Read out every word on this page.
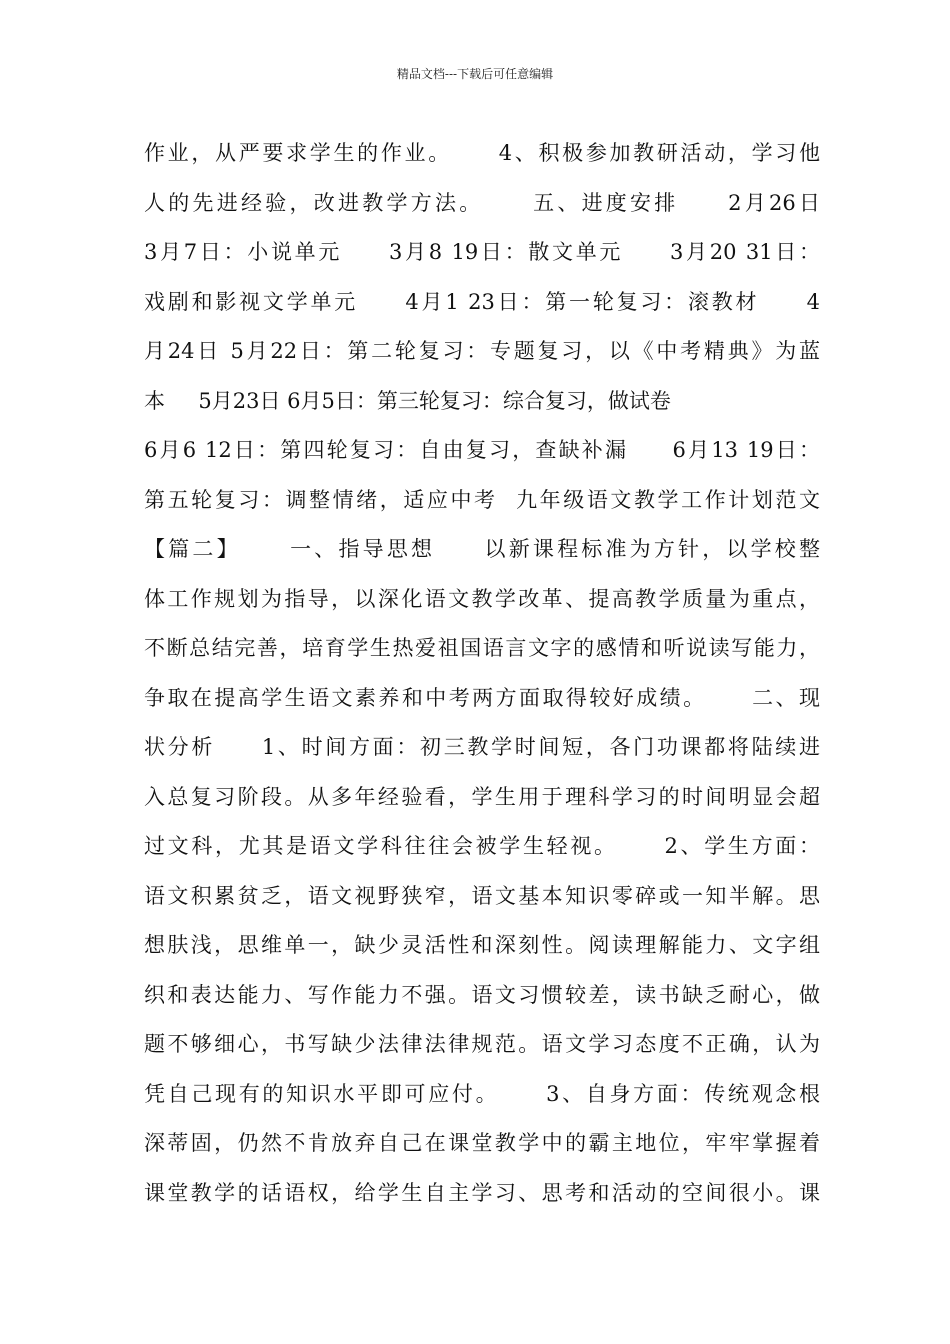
精品文档---下载后可任意编辑
作业，从严要求学生的作业。     4、积极参加教研活动，学习他
人的先进经验，改进教学方法。     五、进度安排     2月26日
3月7日：小说单元     3月8 19日：散文单元     3月20 31日：
戏剧和影视文学单元     4月1 23日：第一轮复习：滚教材     4
月24日 5月22日：第二轮复习：专题复习，以《中考精典》为蓝
本     5月23日 6月5日：第三轮复习：综合复习，做试卷
6月6 12日：第四轮复习：自由复习，查缺补漏     6月13 19日：
第五轮复习：调整情绪，适应中考  九年级语文教学工作计划范文
【篇二】     一、指导思想     以新课程标准为方针，以学校整
体工作规划为指导，以深化语文教学改革、提高教学质量为重点，
不断总结完善，培育学生热爱祖国语言文字的感情和听说读写能力，
争取在提高学生语文素养和中考两方面取得较好成绩。     二、现
状分析     1、时间方面：初三教学时间短，各门功课都将陆续进
入总复习阶段。从多年经验看，学生用于理科学习的时间明显会超
过文科，尤其是语文学科往往会被学生轻视。     2、学生方面：
语文积累贫乏，语文视野狭窄，语文基本知识零碎或一知半解。思
想肤浅，思维单一，缺少灵活性和深刻性。阅读理解能力、文字组
织和表达能力、写作能力不强。语文习惯较差，读书缺乏耐心，做
题不够细心，书写缺少法律法律规范。语文学习态度不正确，认为
凭自己现有的知识水平即可应付。     3、自身方面：传统观念根
深蒂固，仍然不肯放弃自己在课堂教学中的霸主地位，牢牢掌握着
课堂教学的话语权，给学生自主学习、思考和活动的空间很小。课
